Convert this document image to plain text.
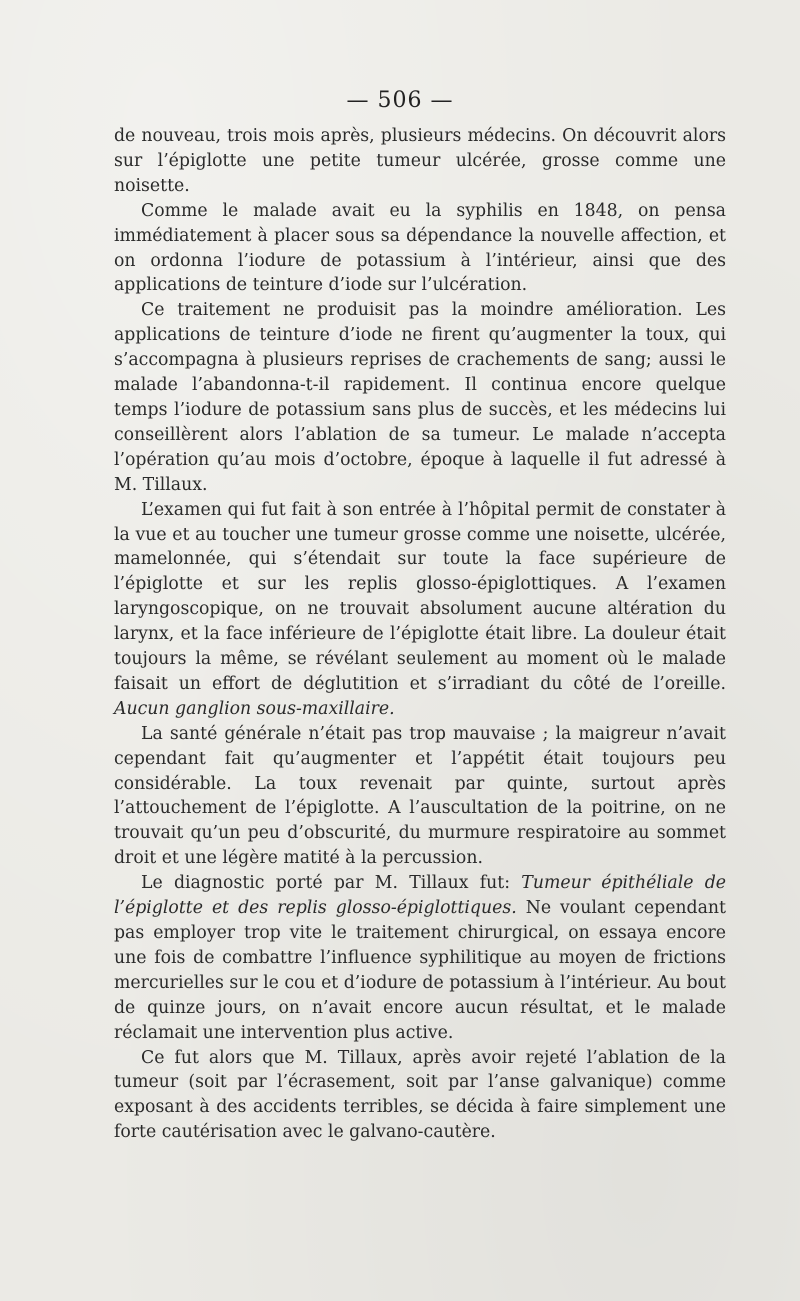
— 506 —

de nouveau, trois mois après, plusieurs médecins. On découvrit alors sur l’épiglotte une petite tumeur ulcérée, grosse comme une noisette.

Comme le malade avait eu la syphilis en 1848, on pensa immédiatement à placer sous sa dépendance la nouvelle affection, et on ordonna l’iodure de potassium à l’intérieur, ainsi que des applications de teinture d’iode sur l’ulcération.

Ce traitement ne produisit pas la moindre amélioration. Les applications de teinture d’iode ne firent qu’augmenter la toux, qui s’accompagna à plusieurs reprises de crachements de sang; aussi le malade l’abandonna-t-il rapidement. Il continua encore quelque temps l’iodure de potassium sans plus de succès, et les médecins lui conseillèrent alors l’ablation de sa tumeur. Le malade n’accepta l’opération qu’au mois d’octobre, époque à laquelle il fut adressé à M. Tillaux.

L’examen qui fut fait à son entrée à l’hôpital permit de constater à la vue et au toucher une tumeur grosse comme une noisette, ulcérée, mamelonnée, qui s’étendait sur toute la face supérieure de l’épiglotte et sur les replis glosso-épiglottiques. A l’examen laryngoscopique, on ne trouvait absolument aucune altération du larynx, et la face inférieure de l’épiglotte était libre. La douleur était toujours la même, se révélant seulement au moment où le malade faisait un effort de déglutition et s’irradiant du côté de l’oreille. Aucun ganglion sous-maxillaire.

La santé générale n’était pas trop mauvaise ; la maigreur n’avait cependant fait qu’augmenter et l’appétit était toujours peu considérable. La toux revenait par quinte, surtout après l’attouchement de l’épiglotte. A l’auscultation de la poitrine, on ne trouvait qu’un peu d’obscurité, du murmure respiratoire au sommet droit et une légère matité à la percussion.

Le diagnostic porté par M. Tillaux fut: Tumeur épithéliale de l’épiglotte et des replis glosso-épiglottiques. Ne voulant cependant pas employer trop vite le traitement chirurgical, on essaya encore une fois de combattre l’influence syphilitique au moyen de frictions mercurielles sur le cou et d’iodure de potassium à l’intérieur. Au bout de quinze jours, on n’avait encore aucun résultat, et le malade réclamait une intervention plus active.

Ce fut alors que M. Tillaux, après avoir rejeté l’ablation de la tumeur (soit par l’écrasement, soit par l’anse galvanique) comme exposant à des accidents terribles, se décida à faire simplement une forte cautérisation avec le galvano-cautère.
